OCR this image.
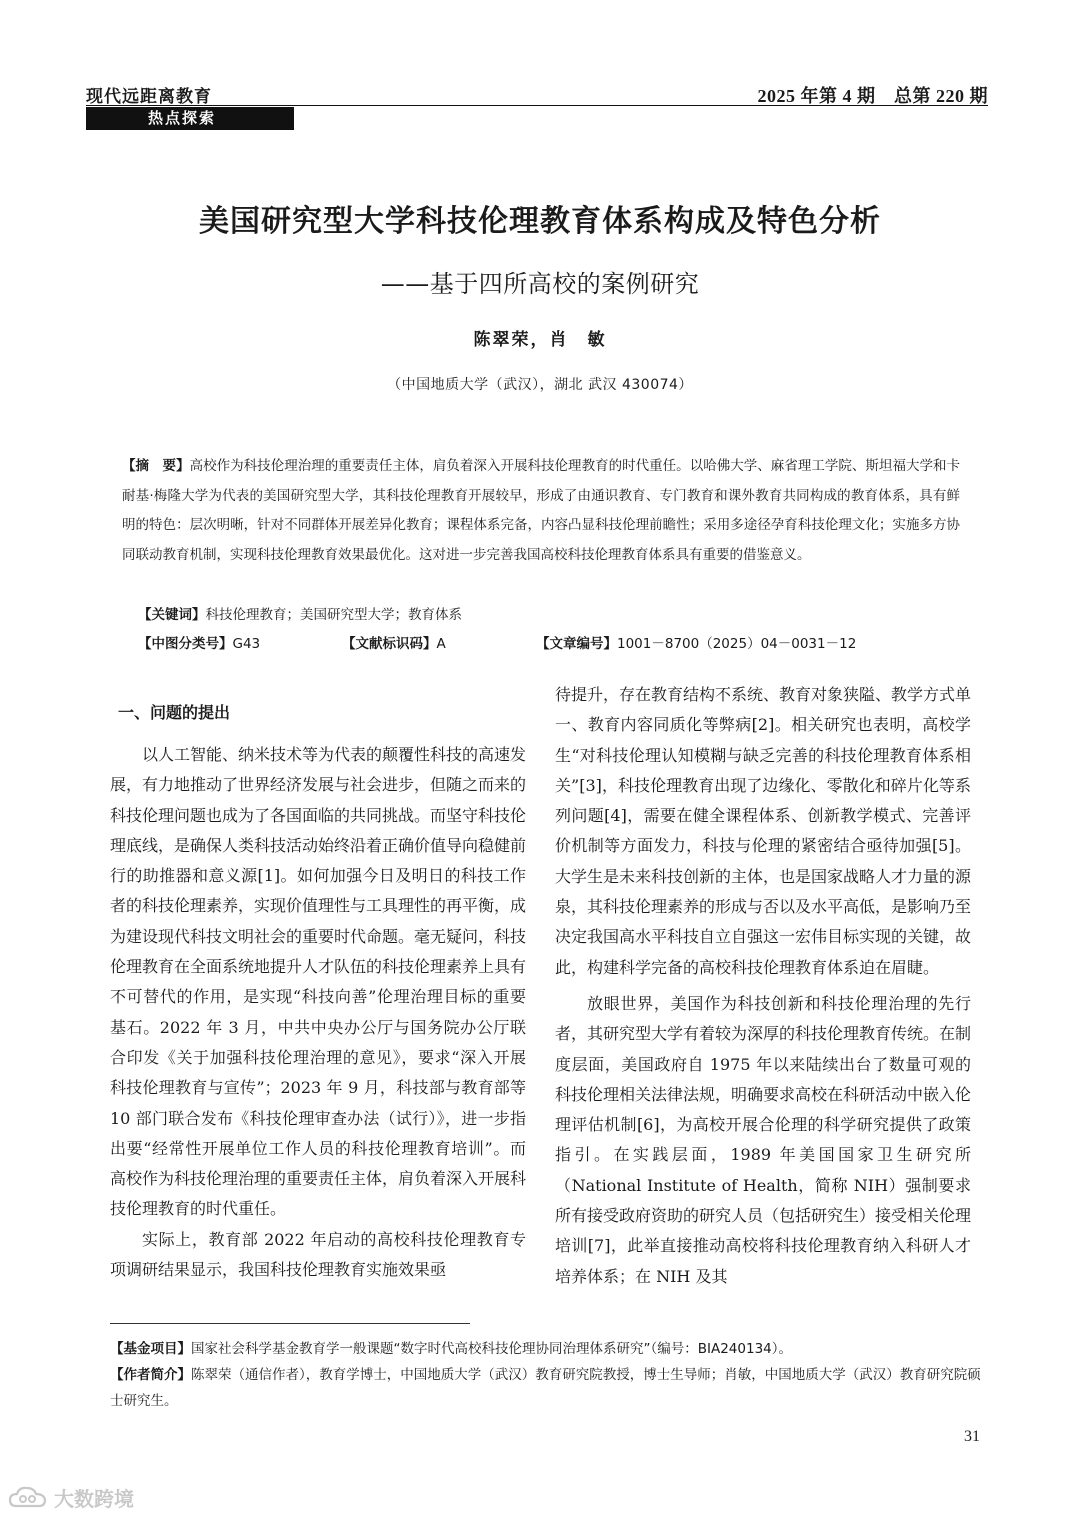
现代远距离教育	2025 年第 4 期　总第 220 期
热点探索
美国研究型大学科技伦理教育体系构成及特色分析
——基于四所高校的案例研究
陈翠荣，肖　敏
（中国地质大学（武汉），湖北 武汉 430074）
【摘　要】高校作为科技伦理治理的重要责任主体，肩负着深入开展科技伦理教育的时代重任。以哈佛大学、麻省理工学院、斯坦福大学和卡耐基·梅隆大学为代表的美国研究型大学，其科技伦理教育开展较早，形成了由通识教育、专门教育和课外教育共同构成的教育体系，具有鲜明的特色：层次明晰，针对不同群体开展差异化教育；课程体系完备，内容凸显科技伦理前瞻性；采用多途径孕育科技伦理文化；实施多方协同联动教育机制，实现科技伦理教育效果最优化。这对进一步完善我国高校科技伦理教育体系具有重要的借鉴意义。
【关键词】科技伦理教育；美国研究型大学；教育体系
【中图分类号】G43	【文献标识码】A	【文章编号】1001－8700（2025）04－0031－12
一、问题的提出

以人工智能、纳米技术等为代表的颠覆性科技的高速发展，有力地推动了世界经济发展与社会进步，但随之而来的科技伦理问题也成为了各国面临的共同挑战。而坚守科技伦理底线，是确保人类科技活动始终沿着正确价值导向稳健前行的助推器和意义源[1]。如何加强今日及明日的科技工作者的科技伦理素养，实现价值理性与工具理性的再平衡，成为建设现代科技文明社会的重要时代命题。毫无疑问，科技伦理教育在全面系统地提升人才队伍的科技伦理素养上具有不可替代的作用，是实现“科技向善”伦理治理目标的重要基石。2022 年 3 月，中共中央办公厅与国务院办公厅联合印发《关于加强科技伦理治理的意见》，要求“深入开展科技伦理教育与宣传”；2023 年 9 月，科技部与教育部等 10 部门联合发布《科技伦理审查办法（试行）》，进一步指出要“经常性开展单位工作人员的科技伦理教育培训”。而高校作为科技伦理治理的重要责任主体，肩负着深入开展科技伦理教育的时代重任。

实际上，教育部 2022 年启动的高校科技伦理教育专项调研结果显示，我国科技伦理教育实施效果亟

待提升，存在教育结构不系统、教育对象狭隘、教学方式单一、教育内容同质化等弊病[2]。相关研究也表明，高校学生“对科技伦理认知模糊与缺乏完善的科技伦理教育体系相关”[3]，科技伦理教育出现了边缘化、零散化和碎片化等系列问题[4]，需要在健全课程体系、创新教学模式、完善评价机制等方面发力，科技与伦理的紧密结合亟待加强[5]。大学生是未来科技创新的主体，也是国家战略人才力量的源泉，其科技伦理素养的形成与否以及水平高低，是影响乃至决定我国高水平科技自立自强这一宏伟目标实现的关键，故此，构建科学完备的高校科技伦理教育体系迫在眉睫。

放眼世界，美国作为科技创新和科技伦理治理的先行者，其研究型大学有着较为深厚的科技伦理教育传统。在制度层面，美国政府自 1975 年以来陆续出台了数量可观的科技伦理相关法律法规，明确要求高校在科研活动中嵌入伦理评估机制[6]，为高校开展合伦理的科学研究提供了政策指引。在实践层面，1989 年美国国家卫生研究所（National Institute of Health，简称 NIH）强制要求所有接受政府资助的研究人员（包括研究生）接受相关伦理培训[7]，此举直接推动高校将科技伦理教育纳入科研人才培养体系；在 NIH 及其

【基金项目】国家社会科学基金教育学一般课题“数字时代高校科技伦理协同治理体系研究”（编号：BIA240134）。

【作者简介】陈翠荣（通信作者），教育学博士，中国地质大学（武汉）教育研究院教授，博士生导师；肖敏，中国地质大学（武汉）教育研究院硕士研究生。

31
大数跨境
